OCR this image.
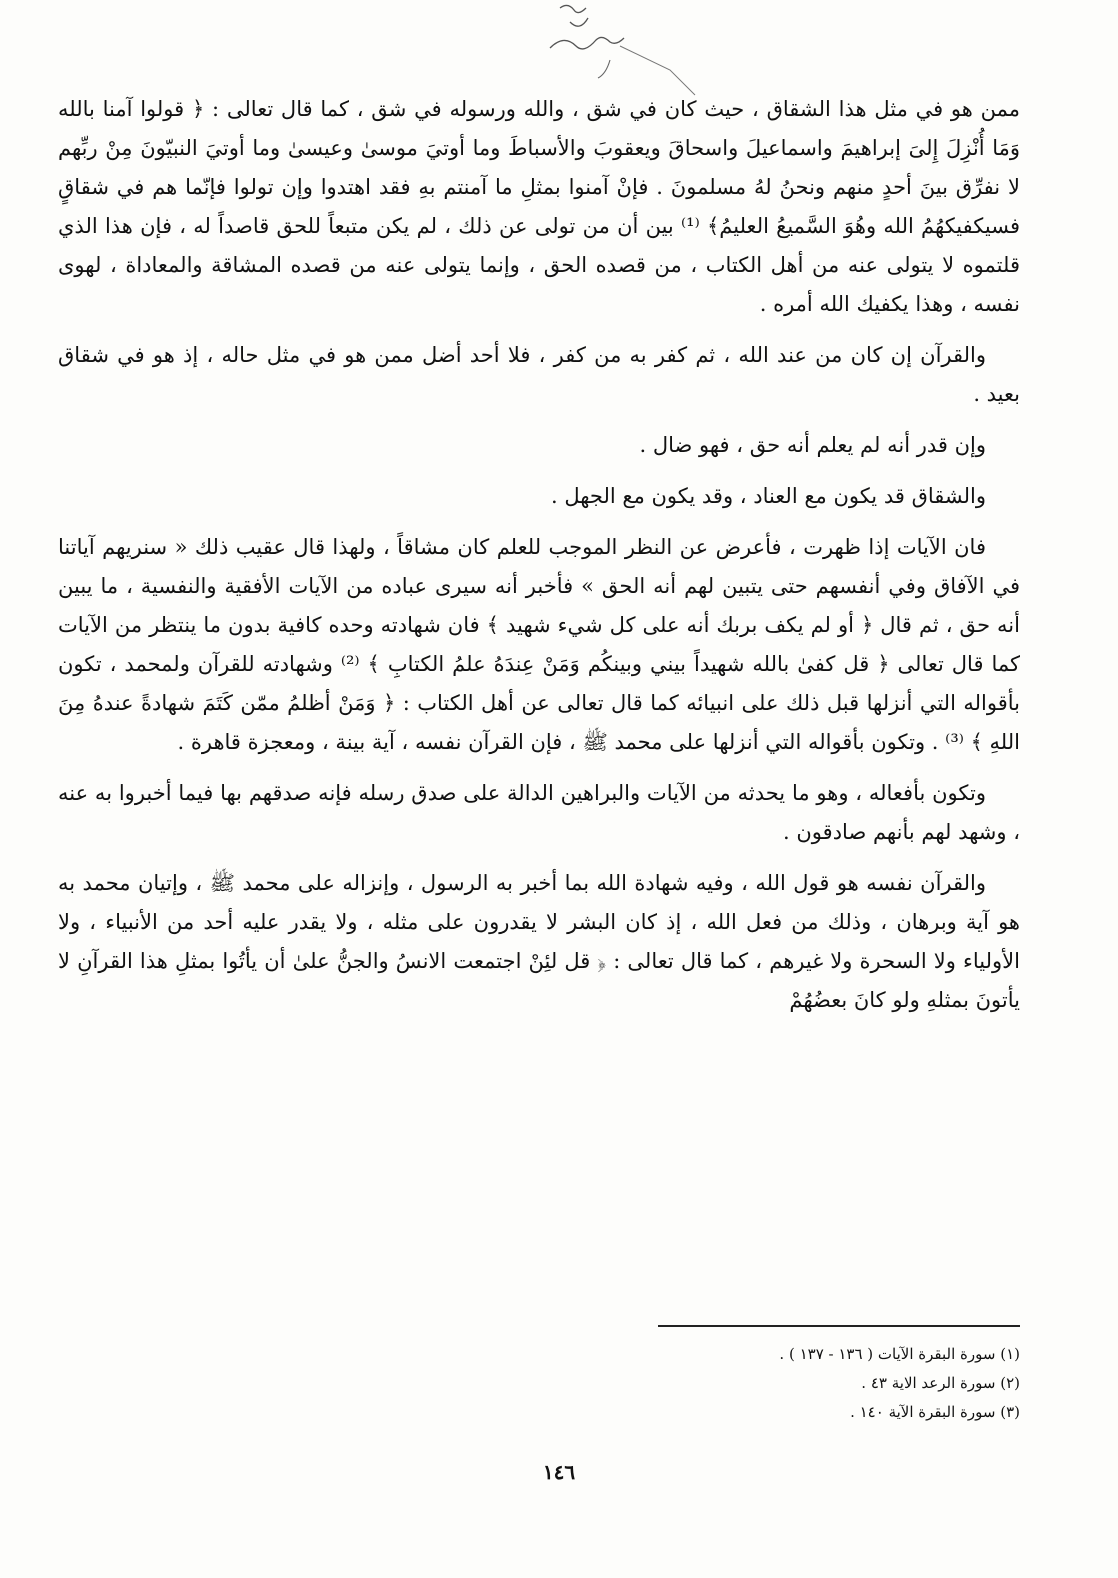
ممن هو في مثل هذا الشقاق ، حيث كان في شق ، والله ورسوله في شق ، كما قال تعالى : ﴿ قولوا آمنا بالله وَمَا أُنْزِلَ إِلىَ إبراهيمَ واسماعيلَ واسحاقَ ويعقوبَ والأسباطَ وما أوتيَ موسىٰ وعيسىٰ وما أوتيَ النبيّونَ مِنْ ربِّهم لا نفرِّق بينَ أحدٍ منهم ونحنُ لهُ مسلمونَ . فإنْ آمنوا بمثلِ ما آمنتم بهِ فقد اهتدوا وإن تولوا فإنّما هم في شقاقٍ فسيكفيكهُمُ الله وهُوَ السَّميعُ العليمُ﴾ ⁽¹⁾ بين أن من تولى عن ذلك ، لم يكن متبعاً للحق قاصداً له ، فإن هذا الذي قلتموه لا يتولى عنه من أهل الكتاب ، من قصده الحق ، وإنما يتولى عنه من قصده المشاقة والمعاداة ، لهوى نفسه ، وهذا يكفيك الله أمره .

والقرآن إن كان من عند الله ، ثم كفر به من كفر ، فلا أحد أضل ممن هو في مثل حاله ، إذ هو في شقاق بعيد .

وإن قدر أنه لم يعلم أنه حق ، فهو ضال .

والشقاق قد يكون مع العناد ، وقد يكون مع الجهل .

فان الآيات إذا ظهرت ، فأعرض عن النظر الموجب للعلم كان مشاقاً ، ولهذا قال عقيب ذلك « سنريهم آياتنا في الآفاق وفي أنفسهم حتى يتبين لهم أنه الحق » فأخبر أنه سيرى عباده من الآيات الأفقية والنفسية ، ما يبين أنه حق ، ثم قال ﴿ أو لم يكف بربك أنه على كل شيء شهيد ﴾ فان شهادته وحده كافية بدون ما ينتظر من الآيات كما قال تعالى ﴿ قل كفىٰ بالله شهيداً بيني وبينكُم وَمَنْ عِندَهُ علمُ الكتابِ ﴾ ⁽²⁾ وشهادته للقرآن ولمحمد ، تكون بأقواله التي أنزلها قبل ذلك على انبيائه كما قال تعالى عن أهل الكتاب : ﴿ وَمَنْ أظلمُ ممّن كَتَمَ شهادةً عندهُ مِنَ اللهِ ﴾ ⁽³⁾ . وتكون بأقواله التي أنزلها على محمد ﷺ ، فإن القرآن نفسه ، آية بينة ، ومعجزة قاهرة .

وتكون بأفعاله ، وهو ما يحدثه من الآيات والبراهين الدالة على صدق رسله فإنه صدقهم بها فيما أخبروا به عنه ، وشهد لهم بأنهم صادقون .

والقرآن نفسه هو قول الله ، وفيه شهادة الله بما أخبر به الرسول ، وإنزاله على محمد ﷺ ، وإتيان محمد به هو آية وبرهان ، وذلك من فعل الله ، إذ كان البشر لا يقدرون على مثله ، ولا يقدر عليه أحد من الأنبياء ، ولا الأولياء ولا السحرة ولا غيرهم ، كما قال تعالى : ﴿ قل لئِنْ اجتمعت الانسُ والجنُّ علىٰ أن يأتُوا بمثلِ هذا القرآنِ لا يأتونَ بمثلهِ ولو كانَ بعضُهُمْ

(١) سورة البقرة الآيات ( ١٣٦ - ١٣٧ ) .

(٢) سورة الرعد الاية ٤٣ .

(٣) سورة البقرة الآية ١٤٠ .

١٤٦
